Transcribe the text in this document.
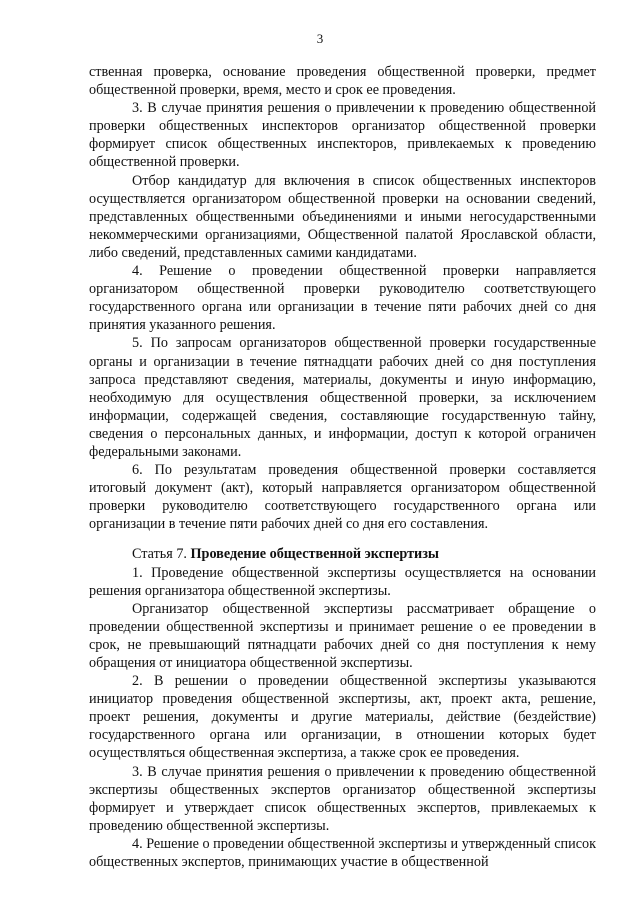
3

ственная проверка, основание проведения общественной проверки, предмет общественной проверки, время, место и срок ее проведения.

3. В случае принятия решения о привлечении к проведению общественной проверки общественных инспекторов организатор общественной проверки формирует список общественных инспекторов, привлекаемых к проведению общественной проверки.

Отбор кандидатур для включения в список общественных инспекторов осуществляется организатором общественной проверки на основании сведений, представленных общественными объединениями и иными негосударственными некоммерческими организациями, Общественной палатой Ярославской области, либо сведений, представленных самими кандидатами.

4. Решение о проведении общественной проверки направляется организатором общественной проверки руководителю соответствующего государственного органа или организации в течение пяти рабочих дней со дня принятия указанного решения.

5. По запросам организаторов общественной проверки государственные органы и организации в течение пятнадцати рабочих дней со дня поступления запроса представляют сведения, материалы, документы и иную информацию, необходимую для осуществления общественной проверки, за исключением информации, содержащей сведения, составляющие государственную тайну, сведения о персональных данных, и информации, доступ к которой ограничен федеральными законами.

6. По результатам проведения общественной проверки составляется итоговый документ (акт), который направляется организатором общественной проверки руководителю соответствующего государственного органа или организации в течение пяти рабочих дней со дня его составления.

Статья 7. Проведение общественной экспертизы

1. Проведение общественной экспертизы осуществляется на основании решения организатора общественной экспертизы.

Организатор общественной экспертизы рассматривает обращение о проведении общественной экспертизы и принимает решение о ее проведении в срок, не превышающий пятнадцати рабочих дней со дня поступления к нему обращения от инициатора общественной экспертизы.

2. В решении о проведении общественной экспертизы указываются инициатор проведения общественной экспертизы, акт, проект акта, решение, проект решения, документы и другие материалы, действие (бездействие) государственного органа или организации, в отношении которых будет осуществляться общественная экспертиза, а также срок ее проведения.

3. В случае принятия решения о привлечении к проведению общественной экспертизы общественных экспертов организатор общественной экспертизы формирует и утверждает список общественных экспертов, привлекаемых к проведению общественной экспертизы.

4. Решение о проведении общественной экспертизы и утвержденный список общественных экспертов, принимающих участие в общественной
